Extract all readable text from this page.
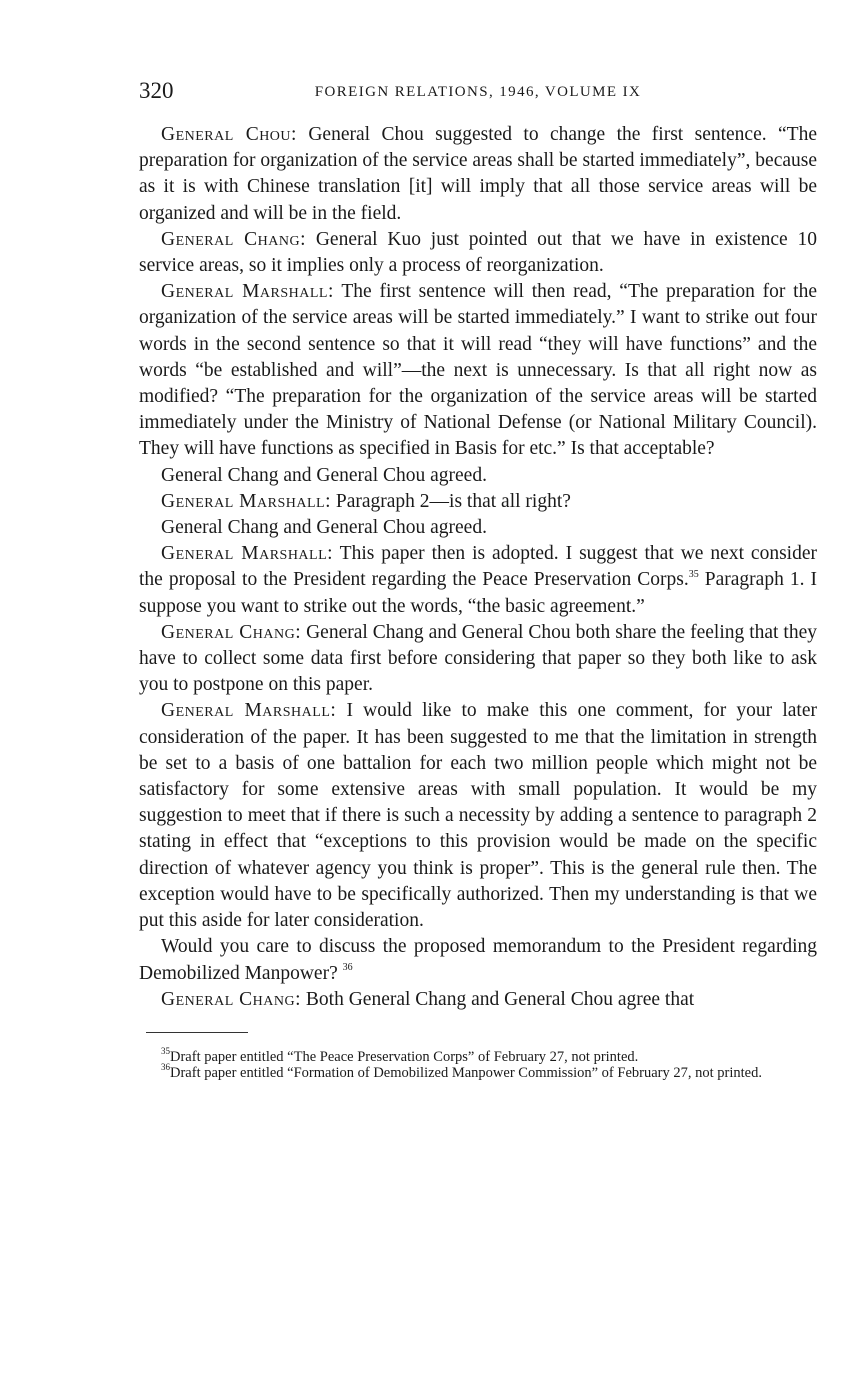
320	FOREIGN RELATIONS, 1946, VOLUME IX

General Chou: General Chou suggested to change the first sentence. “The preparation for organization of the service areas shall be started immediately”, because as it is with Chinese translation [it] will imply that all those service areas will be organized and will be in the field.

General Chang: General Kuo just pointed out that we have in existence 10 service areas, so it implies only a process of reorganization.

General Marshall: The first sentence will then read, “The preparation for the organization of the service areas will be started immediately.” I want to strike out four words in the second sentence so that it will read “they will have functions” and the words “be established and will”—the next is unnecessary. Is that all right now as modified? “The preparation for the organization of the service areas will be started immediately under the Ministry of National Defense (or National Military Council). They will have functions as specified in Basis for etc.” Is that acceptable?

General Chang and General Chou agreed.

General Marshall: Paragraph 2—is that all right?

General Chang and General Chou agreed.

General Marshall: This paper then is adopted. I suggest that we next consider the proposal to the President regarding the Peace Preservation Corps.$^{35}$ Paragraph 1. I suppose you want to strike out the words, “the basic agreement.”

General Chang: General Chang and General Chou both share the feeling that they have to collect some data first before considering that paper so they both like to ask you to postpone on this paper.

General Marshall: I would like to make this one comment, for your later consideration of the paper. It has been suggested to me that the limitation in strength be set to a basis of one battalion for each two million people which might not be satisfactory for some extensive areas with small population. It would be my suggestion to meet that if there is such a necessity by adding a sentence to paragraph 2 stating in effect that “exceptions to this provision would be made on the specific direction of whatever agency you think is proper”. This is the general rule then. The exception would have to be specifically authorized. Then my understanding is that we put this aside for later consideration.

Would you care to discuss the proposed memorandum to the President regarding Demobilized Manpower? $^{36}$

General Chang: Both General Chang and General Chou agree that

$^{35}$Draft paper entitled “The Peace Preservation Corps” of February 27, not printed.

$^{36}$Draft paper entitled “Formation of Demobilized Manpower Commission” of February 27, not printed.
